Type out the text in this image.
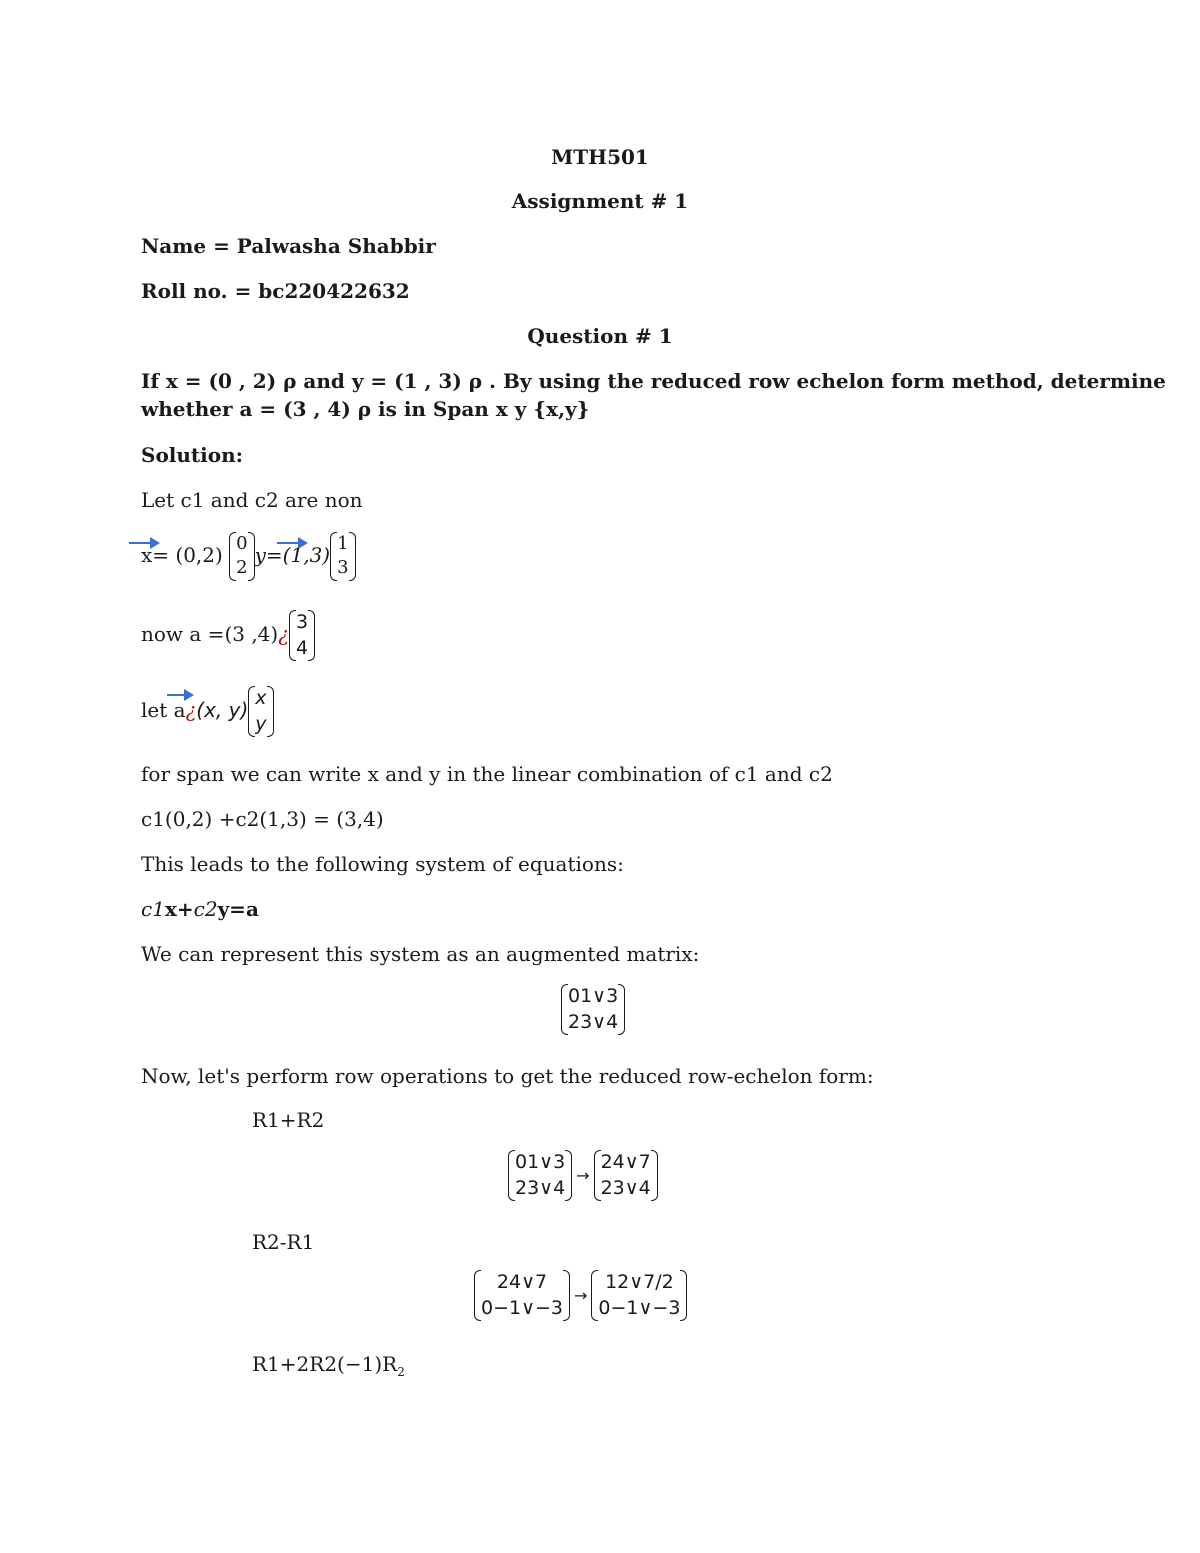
MTH501
Assignment # 1
Name = Palwasha Shabbir
Roll no. = bc220422632
Question # 1
If x = (0 , 2) ρ and y = (1 , 3) ρ . By using the reduced row echelon form method, determine
whether a = (3 , 4) ρ is in Span x y {x,y}
Solution:
Let c1 and c2 are non
x= (0,2) 0
2
y=(1,3) 1
3
now a =(3 ,4)¿
3
4
let a¿(x, y)
x
y
for span we can write x and y in the linear combination of c1 and c2
c1(0,2) +c2(1,3) = (3,4)
This leads to the following system of equations:
c1x+c2y=a
We can represent this system as an augmented matrix:
01∨3
23∨4
Now, let's perform row operations to get the reduced row-echelon form:
R1+R2
01∨3
23∨4
→
24∨7
23∨4
R2-R1
24∨7
0−1∨−3
→
12∨7/2
0−1∨−3
$R1+2R2(-1)R_2$
